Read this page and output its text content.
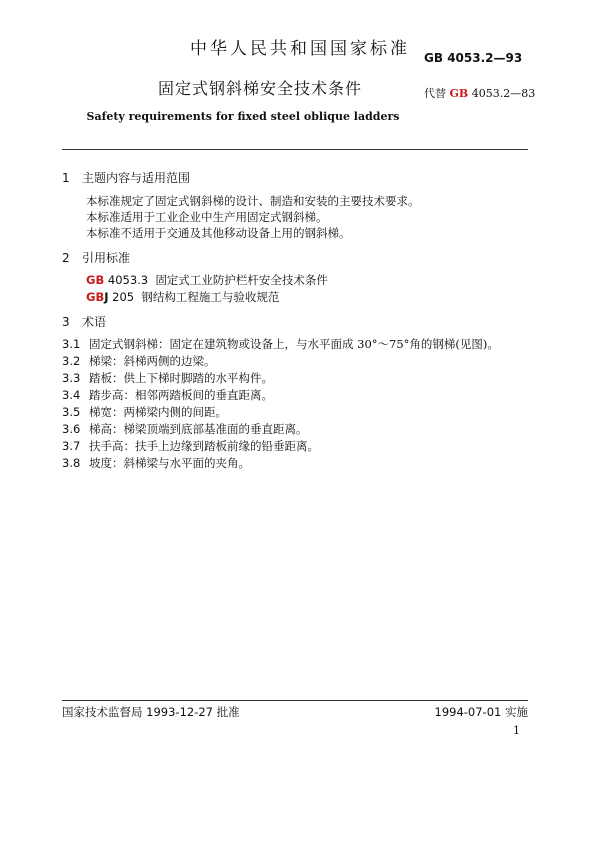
中华人民共和国国家标准	GB 4053.2—93
固定式钢斜梯安全技术条件	代替 GB 4053.2—83
Safety requirements for fixed steel oblique ladders
1 主题内容与适用范围
本标准规定了固定式钢斜梯的设计、制造和安装的主要技术要求。
本标准适用于工业企业中生产用固定式钢斜梯。
本标准不适用于交通及其他移动设备上用的钢斜梯。
2 引用标准
GB 4053.3 固定式工业防护栏杆安全技术条件
GBJ 205 钢结构工程施工与验收规范
3 术语
3.1 固定式钢斜梯：固定在建筑物或设备上，与水平面成 30°～75°角的钢梯(见图)。
3.2 梯梁：斜梯两侧的边梁。
3.3 踏板：供上下梯时脚踏的水平构件。
3.4 踏步高：相邻两踏板间的垂直距离。
3.5 梯宽：两梯梁内侧的间距。
3.6 梯高：梯梁顶端到底部基准面的垂直距离。
3.7 扶手高：扶手上边缘到踏板前缘的铅垂距离。
3.8 坡度：斜梯梁与水平面的夹角。
国家技术监督局 1993-12-27 批准	1994-07-01 实施
1
